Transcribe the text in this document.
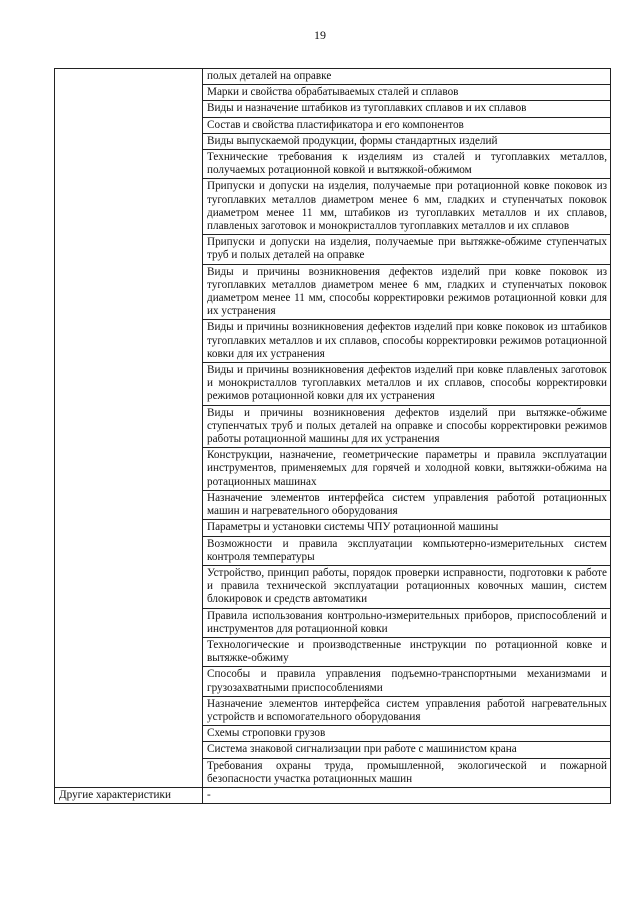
19
	полых деталей на оправке
	Марки и свойства обрабатываемых сталей и сплавов
	Виды и назначение штабиков из тугоплавких сплавов и их сплавов
	Состав и свойства пластификатора и его компонентов
	Виды выпускаемой продукции, формы стандартных изделий
	Технические требования к изделиям из сталей и тугоплавких металлов, получаемых ротационной ковкой и вытяжкой-обжимом
	Припуски и допуски на изделия, получаемые при ротационной ковке поковок из тугоплавких металлов диаметром менее 6 мм, гладких и ступенчатых поковок диаметром менее 11 мм, штабиков из тугоплавких металлов и их сплавов, плавленых заготовок и монокристаллов тугоплавких металлов и их сплавов
	Припуски и допуски на изделия, получаемые при вытяжке-обжиме ступенчатых труб и полых деталей на оправке
	Виды и причины возникновения дефектов изделий при ковке поковок из тугоплавких металлов диаметром менее 6 мм, гладких и ступенчатых поковок диаметром менее 11 мм, способы корректировки режимов ротационной ковки для их устранения
	Виды и причины возникновения дефектов изделий при ковке поковок из штабиков тугоплавких металлов и их сплавов, способы корректировки режимов ротационной ковки для их устранения
	Виды и причины возникновения дефектов изделий при ковке плавленых заготовок и монокристаллов тугоплавких металлов и их сплавов, способы корректировки режимов ротационной ковки для их устранения
	Виды и причины возникновения дефектов изделий при вытяжке-обжиме ступенчатых труб и полых деталей на оправке и способы корректировки режимов работы ротационной машины для их устранения
	Конструкции, назначение, геометрические параметры и правила эксплуатации инструментов, применяемых для горячей и холодной ковки, вытяжки-обжима на ротационных машинах
	Назначение элементов интерфейса систем управления работой ротационных машин и нагревательного оборудования
	Параметры и установки системы ЧПУ ротационной машины
	Возможности и правила эксплуатации компьютерно-измерительных систем контроля температуры
	Устройство, принцип работы, порядок проверки исправности, подготовки к работе и правила технической эксплуатации ротационных ковочных машин, систем блокировок и средств автоматики
	Правила использования контрольно-измерительных приборов, приспособлений и инструментов для ротационной ковки
	Технологические и производственные инструкции по ротационной ковке и вытяжке-обжиму
	Способы и правила управления подъемно-транспортными механизмами и грузозахватными приспособлениями
	Назначение элементов интерфейса систем управления работой нагревательных устройств и вспомогательного оборудования
	Схемы строповки грузов
	Система знаковой сигнализации при работе с машинистом крана
	Требования охраны труда, промышленной, экологической и пожарной безопасности участка ротационных машин
Другие характеристики	-
